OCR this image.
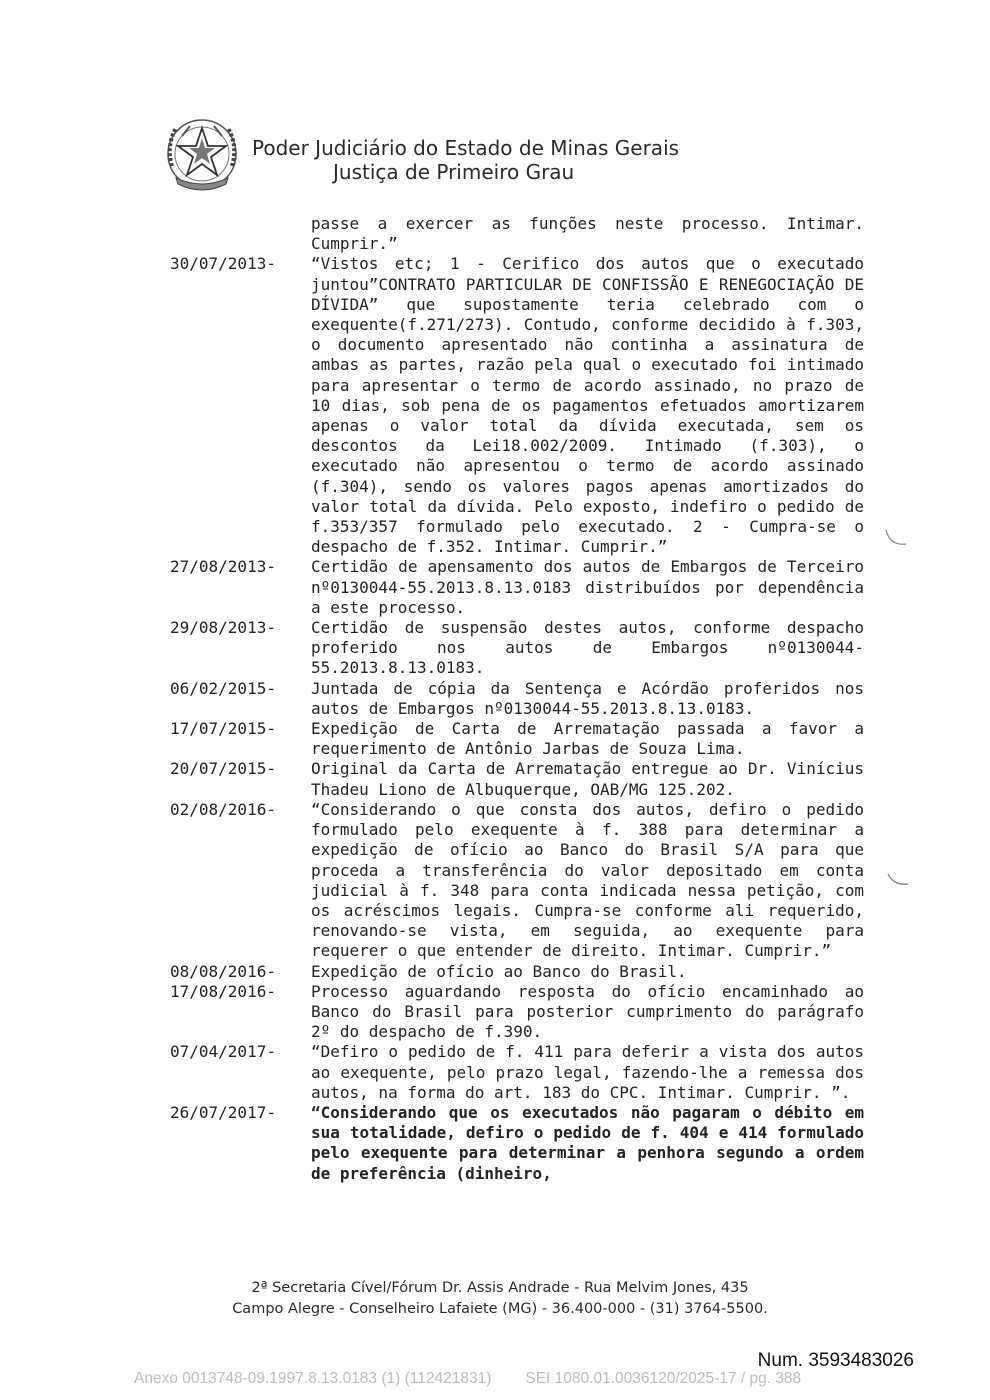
Poder Judiciário do Estado de Minas Gerais
Justiça de Primeiro Grau
passe a exercer as funções neste processo. Intimar. Cumprir.”
30/07/2013-	“Vistos etc; 1 - Cerifico dos autos que o executado juntou”CONTRATO PARTICULAR DE CONFISSÃO E RENEGOCIAÇÃO DE DÍVIDA” que supostamente teria celebrado com o exequente(f.271/273). Contudo, conforme decidido à f.303, o documento apresentado não continha a assinatura de ambas as partes, razão pela qual o executado foi intimado para apresentar o termo de acordo assinado, no prazo de 10 dias, sob pena de os pagamentos efetuados amortizarem apenas o valor total da dívida executada, sem os descontos da Lei18.002/2009. Intimado (f.303), o executado não apresentou o termo de acordo assinado (f.304), sendo os valores pagos apenas amortizados do valor total da dívida. Pelo exposto, indefiro o pedido de f.353/357 formulado pelo executado. 2 - Cumpra-se o despacho de f.352. Intimar. Cumprir.”
27/08/2013-	Certidão de apensamento dos autos de Embargos de Terceiro nº0130044-55.2013.8.13.0183 distribuídos por dependência a este processo.
29/08/2013-	Certidão de suspensão destes autos, conforme despacho proferido nos autos de Embargos nº0130044-55.2013.8.13.0183.
06/02/2015-	Juntada de cópia da Sentença e Acórdão proferidos nos autos de Embargos nº0130044-55.2013.8.13.0183.
17/07/2015-	Expedição de Carta de Arrematação passada a favor a requerimento de Antônio Jarbas de Souza Lima.
20/07/2015-	Original da Carta de Arrematação entregue ao Dr. Vinícius Thadeu Liono de Albuquerque, OAB/MG 125.202.
02/08/2016-	“Considerando o que consta dos autos, defiro o pedido formulado pelo exequente à f. 388 para determinar a expedição de ofício ao Banco do Brasil S/A para que proceda a transferência do valor depositado em conta judicial à f. 348 para conta indicada nessa petição, com os acréscimos legais. Cumpra-se conforme ali requerido, renovando-se vista, em seguida, ao exequente para requerer o que entender de direito. Intimar. Cumprir.”
08/08/2016-	Expedição de ofício ao Banco do Brasil.
17/08/2016-	Processo aguardando resposta do ofício encaminhado ao Banco do Brasil para posterior cumprimento do parágrafo 2º do despacho de f.390.
07/04/2017-	“Defiro o pedido de f. 411 para deferir a vista dos autos ao exequente, pelo prazo legal, fazendo-lhe a remessa dos autos, na forma do art. 183 do CPC. Intimar. Cumprir. ”.
26/07/2017-	“Considerando que os executados não pagaram o débito em sua totalidade, defiro o pedido de f. 404 e 414 formulado pelo exequente para determinar a penhora segundo a ordem de preferência (dinheiro,
2ª Secretaria Cível/Fórum Dr. Assis Andrade - Rua Melvim Jones, 435
Campo Alegre - Conselheiro Lafaiete (MG) - 36.400-000 - (31) 3764-5500.
Num. 3593483026
Anexo 0013748-09.1997.8.13.0183 (1) (112421831) SEI 1080.01.0036120/2025-17 / pg. 388
